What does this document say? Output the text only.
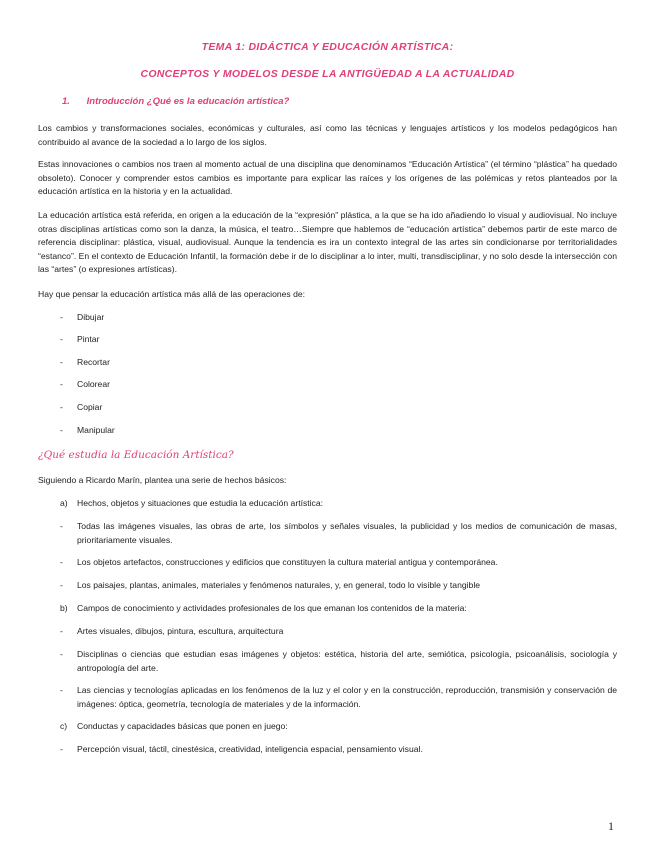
TEMA 1: DIDÁCTICA Y EDUCACIÓN ARTÍSTICA:
CONCEPTOS Y MODELOS DESDE LA ANTIGÜEDAD A LA ACTUALIDAD
1. Introducción ¿Qué es la educación artística?

Los cambios y transformaciones sociales, económicas y culturales, así como las técnicas y lenguajes artísticos y los modelos pedagógicos han contribuido al avance de la sociedad a lo largo de los siglos.

Estas innovaciones o cambios nos traen al momento actual de una disciplina que denominamos “Educación Artística” (el término “plástica” ha quedado obsoleto). Conocer y comprender estos cambios es importante para explicar las raíces y los orígenes de las polémicas y retos planteados por la educación artística en la historia y en la actualidad.

La educación artística está referida, en origen a la educación de la “expresión” plástica, a la que se ha ido añadiendo lo visual y audiovisual. No incluye otras disciplinas artísticas como son la danza, la música, el teatro…Siempre que hablemos de “educación artística” debemos partir de este marco de referencia disciplinar: plástica, visual, audiovisual. Aunque la tendencia es ira un contexto integral de las artes sin condicionarse por territorialidades “estanco”. En el contexto de Educación Infantil, la formación debe ir de lo disciplinar a lo inter, multi, transdisciplinar, y no solo desde la intersección con las “artes” (o expresiones artísticas).

Hay que pensar la educación artística más allá de las operaciones de:

-	Dibujar
-	Pintar
-	Recortar
-	Colorear
-	Copiar
-	Manipular
¿Qué estudia la Educación Artística?

Siguiendo a Ricardo Marín, plantea una serie de hechos básicos:

a)	Hechos, objetos y situaciones que estudia la educación artística:
-	Todas las imágenes visuales, las obras de arte, los símbolos y señales visuales, la publicidad y los medios de comunicación de masas, prioritariamente visuales.
-	Los objetos artefactos, construcciones y edificios que constituyen la cultura material antigua y contemporánea.
-	Los paisajes, plantas, animales, materiales y fenómenos naturales, y, en general, todo lo visible y tangible
b)	Campos de conocimiento y actividades profesionales de los que emanan los contenidos de la materia:
-	Artes visuales, dibujos, pintura, escultura, arquitectura
-	Disciplinas o ciencias que estudian esas imágenes y objetos: estética, historia del arte, semiótica, psicología, psicoanálisis, sociología y antropología del arte.
-	Las ciencias y tecnologías aplicadas en los fenómenos de la luz y el color y en la construcción, reproducción, transmisión y conservación de imágenes: óptica, geometría, tecnología de materiales y de la información.
c)	Conductas y capacidades básicas que ponen en juego:
-	Percepción visual, táctil, cinestésica, creatividad, inteligencia espacial, pensamiento visual.
1
